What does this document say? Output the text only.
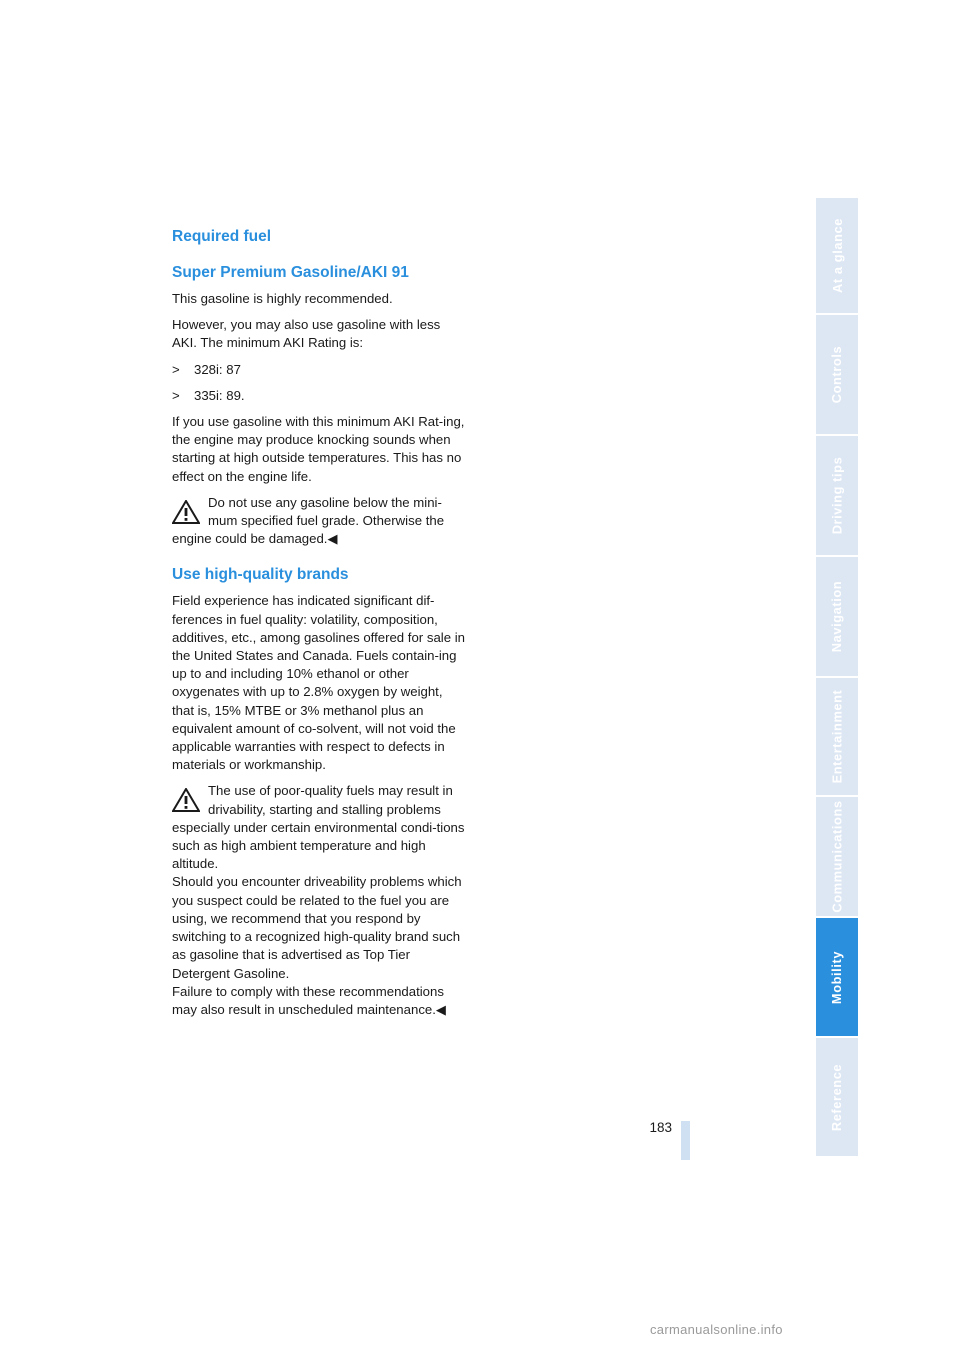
Required fuel
Super Premium Gasoline/AKI 91
This gasoline is highly recommended.
However, you may also use gasoline with less AKI. The minimum AKI Rating is:
>	328i: 87
>	335i: 89.
If you use gasoline with this minimum AKI Rat-ing, the engine may produce knocking sounds when starting at high outside temperatures. This has no effect on the engine life.
Do not use any gasoline below the mini-mum specified fuel grade. Otherwise the
engine could be damaged.◀
Use high-quality brands
Field experience has indicated significant dif-ferences in fuel quality: volatility, composition, additives, etc., among gasolines offered for sale in the United States and Canada. Fuels contain-ing up to and including 10% ethanol or other oxygenates with up to 2.8% oxygen by weight, that is, 15% MTBE or 3% methanol plus an equivalent amount of co-solvent, will not void the applicable warranties with respect to defects in materials or workmanship.
The use of poor-quality fuels may result in drivability, starting and stalling problems
especially under certain environmental condi-tions such as high ambient temperature and high altitude.
Should you encounter driveability problems which you suspect could be related to the fuel you are using, we recommend that you respond by switching to a recognized high-quality brand such as gasoline that is advertised as Top Tier Detergent Gasoline.
Failure to comply with these recommendations may also result in unscheduled maintenance.◀
At a glance
Controls
Driving tips
Navigation
Entertainment
Communications
Mobility
Reference
183
carmanualsonline.info
